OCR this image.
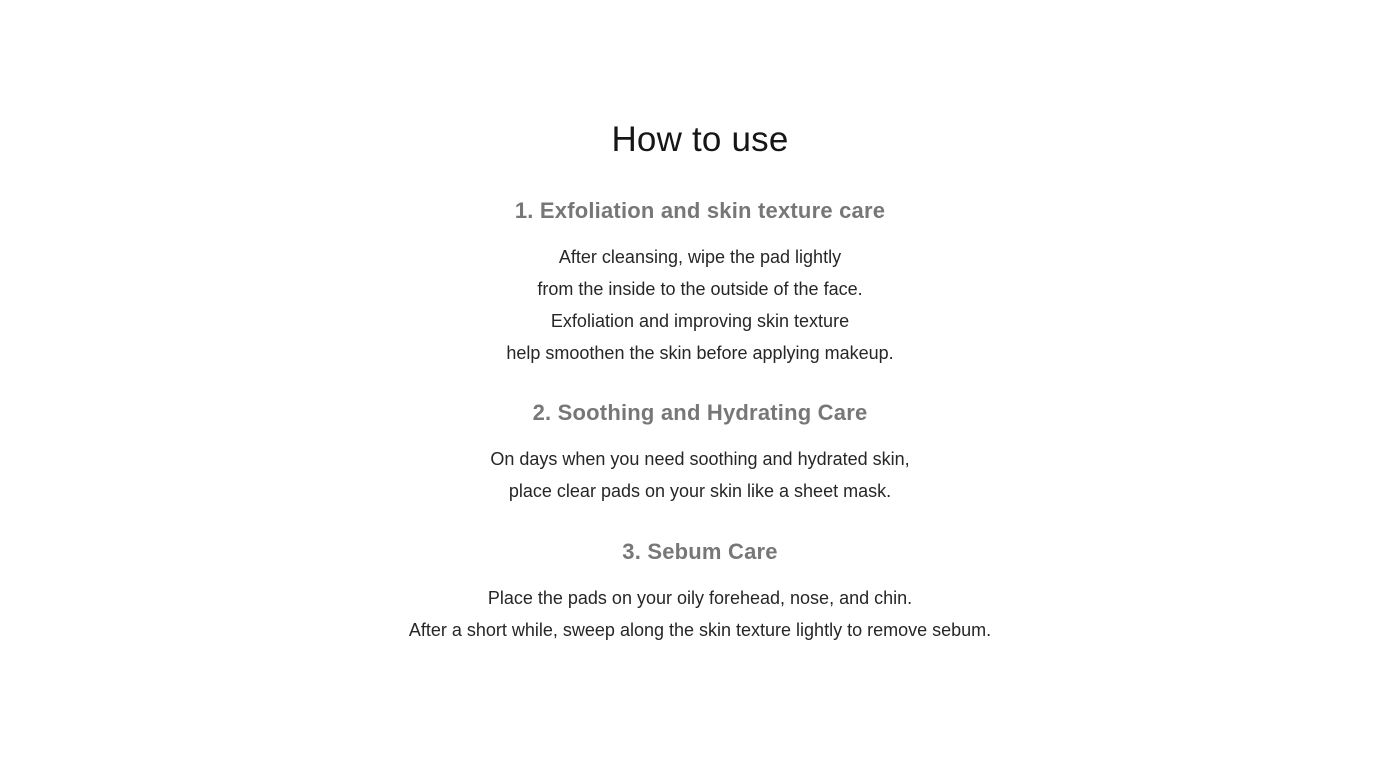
How to use
1. Exfoliation and skin texture care
After cleansing, wipe the pad lightly
from the inside to the outside of the face.
Exfoliation and improving skin texture
help smoothen the skin before applying makeup.
2. Soothing and Hydrating Care
On days when you need soothing and hydrated skin,
place clear pads on your skin like a sheet mask.
3. Sebum Care
Place the pads on your oily forehead, nose, and chin.
After a short while, sweep along the skin texture lightly to remove sebum.
